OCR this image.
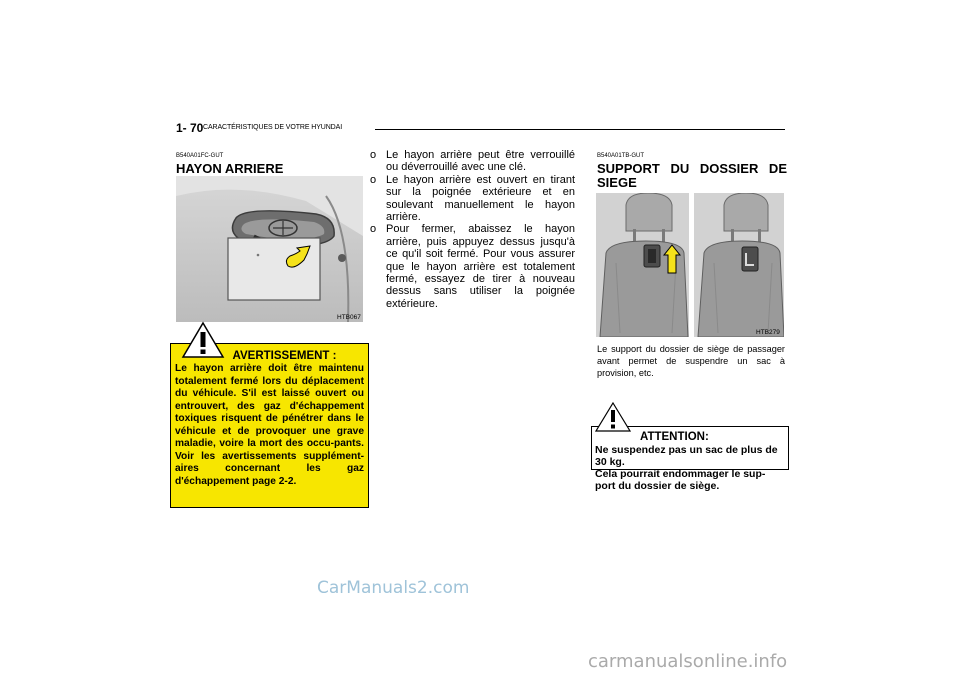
1- 70 CARACTÉRISTIQUES DE VOTRE HYUNDAI
B540A01FC-GUT
HAYON ARRIERE
HTB067
AVERTISSEMENT :
Le hayon arrière doit être maintenu totalement fermé lors du déplacement du véhicule. S'il est laissé ouvert ou entrouvert, des gaz d'échappement toxiques risquent de pénétrer dans le véhicule et de provoquer une grave maladie, voire la mort des occu-pants. Voir les avertissements supplément-aires concernant les gaz d'échappement page 2-2.
o Le hayon arrière peut être verrouillé ou déverrouillé avec une clé.
o Le hayon arrière est ouvert en tirant sur la poignée extérieure et en soulevant manuellement le hayon arrière.
o Pour fermer, abaissez le hayon arrière, puis appuyez dessus jusqu'à ce qu'il soit fermé. Pour vous assurer que le hayon arrière est totalement fermé, essayez de tirer à nouveau dessus sans utiliser la poignée extérieure.
B540A01TB-GUT
SUPPORT DU DOSSIER DE SIEGE
HTB279
Le support du dossier de siège de passager avant permet de suspendre un sac à provision, etc.
ATTENTION:
Ne suspendez pas un sac de plus de 30 kg.
Cela pourrait endommager le sup-port du dossier de siège.
CarManuals2.com
carmanualsonline.info
